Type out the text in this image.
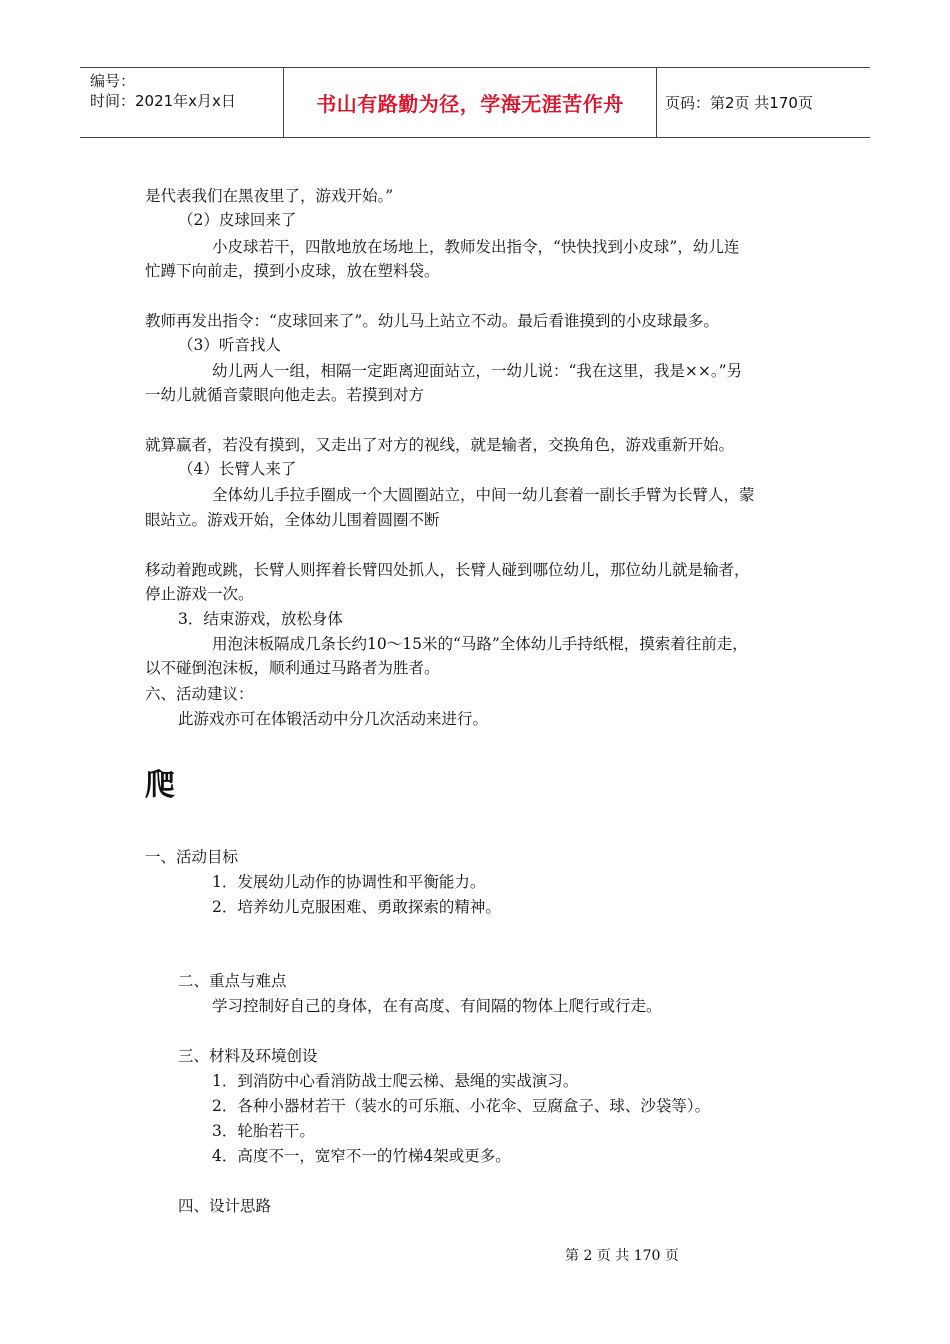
编号：
时间：2021年x月x日	书山有路勤为径，学海无涯苦作舟	页码：第2页 共170页
是代表我们在黑夜里了，游戏开始。”
（2）皮球回来了
小皮球若干，四散地放在场地上，教师发出指令，“快快找到小皮球”，幼儿连
忙蹲下向前走，摸到小皮球，放在塑料袋。
教师再发出指令：“皮球回来了”。幼儿马上站立不动。最后看谁摸到的小皮球最多。
（3）听音找人
幼儿两人一组，相隔一定距离迎面站立，一幼儿说：“我在这里，我是××。”另
一幼儿就循音蒙眼向他走去。若摸到对方
就算赢者，若没有摸到，又走出了对方的视线，就是输者，交换角色，游戏重新开始。
（4）长臂人来了
全体幼儿手拉手圈成一个大圆圈站立，中间一幼儿套着一副长手臂为长臂人，蒙
眼站立。游戏开始，全体幼儿围着圆圈不断
移动着跑或跳，长臂人则挥着长臂四处抓人，长臂人碰到哪位幼儿，那位幼儿就是输者，
停止游戏一次。
3．结束游戏，放松身体
用泡沫板隔成几条长约10～15米的“马路”全体幼儿手持纸棍，摸索着往前走，
以不碰倒泡沫板，顺利通过马路者为胜者。
六、活动建议：
此游戏亦可在体锻活动中分几次活动来进行。
爬
一、活动目标
1．发展幼儿动作的协调性和平衡能力。
2．培养幼儿克服困难、勇敢探索的精神。
二、重点与难点
学习控制好自己的身体，在有高度、有间隔的物体上爬行或行走。
三、材料及环境创设
1．到消防中心看消防战士爬云梯、悬绳的实战演习。
2．各种小器材若干（装水的可乐瓶、小花伞、豆腐盒子、球、沙袋等）。
3．轮胎若干。
4．高度不一，宽窄不一的竹梯4架或更多。
四、设计思路
第 2 页 共 170 页
